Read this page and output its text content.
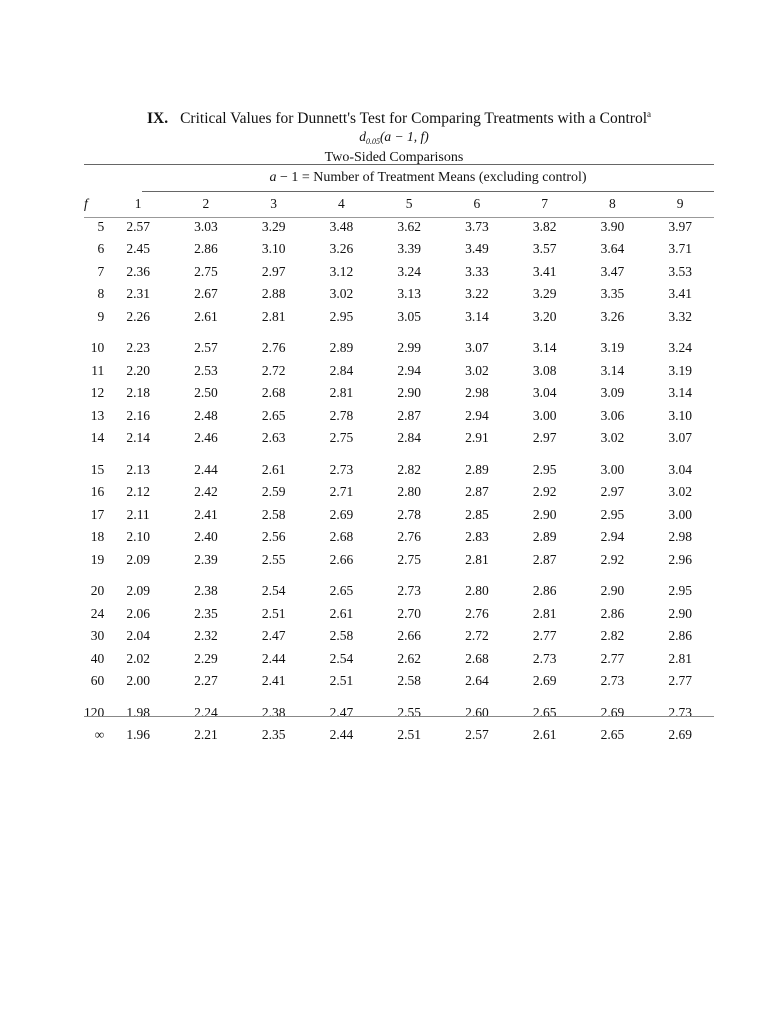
IX. Critical Values for Dunnett's Test for Comparing Treatments with a Control$^a$
$d_{0.05}(a - 1$, f)
Two-Sided Comparisons
a − 1 = Number of Treatment Means (excluding control)
f	1	2	3	4	5	6	7	8	9
5	2.57	3.03	3.29	3.48	3.62	3.73	3.82	3.90	3.97
6	2.45	2.86	3.10	3.26	3.39	3.49	3.57	3.64	3.71
7	2.36	2.75	2.97	3.12	3.24	3.33	3.41	3.47	3.53
8	2.31	2.67	2.88	3.02	3.13	3.22	3.29	3.35	3.41
9	2.26	2.61	2.81	2.95	3.05	3.14	3.20	3.26	3.32

10	2.23	2.57	2.76	2.89	2.99	3.07	3.14	3.19	3.24
11	2.20	2.53	2.72	2.84	2.94	3.02	3.08	3.14	3.19
12	2.18	2.50	2.68	2.81	2.90	2.98	3.04	3.09	3.14
13	2.16	2.48	2.65	2.78	2.87	2.94	3.00	3.06	3.10
14	2.14	2.46	2.63	2.75	2.84	2.91	2.97	3.02	3.07

15	2.13	2.44	2.61	2.73	2.82	2.89	2.95	3.00	3.04
16	2.12	2.42	2.59	2.71	2.80	2.87	2.92	2.97	3.02
17	2.11	2.41	2.58	2.69	2.78	2.85	2.90	2.95	3.00
18	2.10	2.40	2.56	2.68	2.76	2.83	2.89	2.94	2.98
19	2.09	2.39	2.55	2.66	2.75	2.81	2.87	2.92	2.96

20	2.09	2.38	2.54	2.65	2.73	2.80	2.86	2.90	2.95
24	2.06	2.35	2.51	2.61	2.70	2.76	2.81	2.86	2.90
30	2.04	2.32	2.47	2.58	2.66	2.72	2.77	2.82	2.86
40	2.02	2.29	2.44	2.54	2.62	2.68	2.73	2.77	2.81
60	2.00	2.27	2.41	2.51	2.58	2.64	2.69	2.73	2.77

120	1.98	2.24	2.38	2.47	2.55	2.60	2.65	2.69	2.73
∞	1.96	2.21	2.35	2.44	2.51	2.57	2.61	2.65	2.69
